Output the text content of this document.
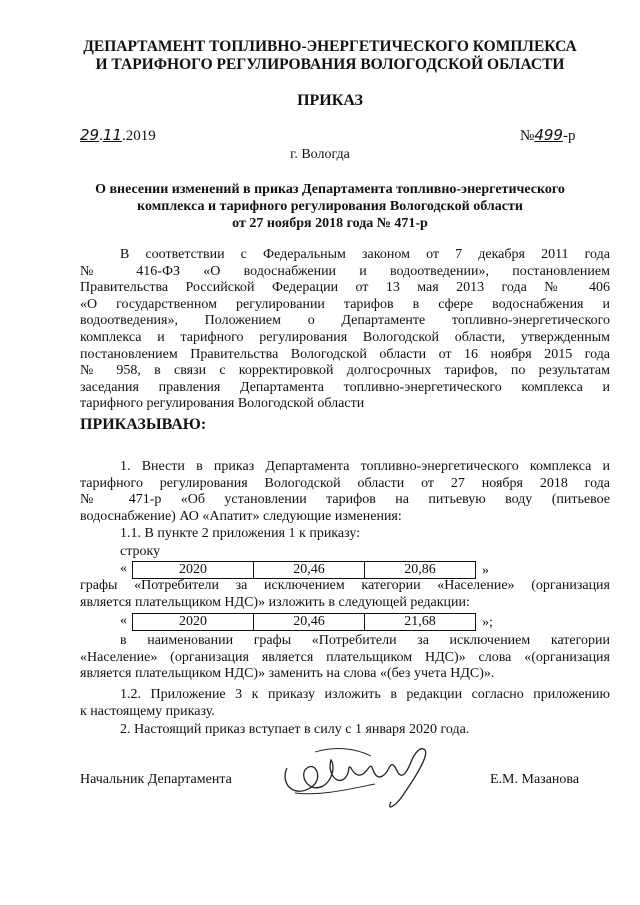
ДЕПАРТАМЕНТ ТОПЛИВНО-ЭНЕРГЕТИЧЕСКОГО КОМПЛЕКСА
И ТАРИФНОГО РЕГУЛИРОВАНИЯ ВОЛОГОДСКОЙ ОБЛАСТИ
ПРИКАЗ
29.11.2019	№499-р
г. Вологда
О внесении изменений в приказ Департамента топливно-энергетического
комплекса и тарифного регулирования Вологодской области
от 27 ноября 2018 года № 471-р
В соответствии с Федеральным законом от 7 декабря 2011 года
№ 416-ФЗ «О водоснабжении и водоотведении», постановлением
Правительства Российской Федерации от 13 мая 2013 года № 406
«О государственном регулировании тарифов в сфере водоснабжения и
водоотведения», Положением о Департаменте топливно-энергетического
комплекса и тарифного регулирования Вологодской области, утвержденным
постановлением Правительства Вологодской области от 16 ноября 2015 года
№ 958, в связи с корректировкой долгосрочных тарифов, по результатам
заседания правления Департамента топливно-энергетического комплекса и
тарифного регулирования Вологодской области
ПРИКАЗЫВАЮ:
1. Внести в приказ Департамента топливно-энергетического комплекса и
тарифного регулирования Вологодской области от 27 ноября 2018 года
№ 471-р «Об установлении тарифов на питьевую воду (питьевое
водоснабжение) АО «Апатит» следующие изменения:
1.1. В пункте 2 приложения 1 к приказу:
строку
«	2020	20,46	20,86	»
графы «Потребители за исключением категории «Население» (организация
является плательщиком НДС)» изложить в следующей редакции:
«	2020	20,46	21,68	»;
в наименовании графы «Потребители за исключением категории
«Население» (организация является плательщиком НДС)» слова «(организация
является плательщиком НДС)» заменить на слова «(без учета НДС)».
1.2. Приложение 3 к приказу изложить в редакции согласно приложению
к настоящему приказу.
2. Настоящий приказ вступает в силу с 1 января 2020 года.
Начальник Департамента	Е.М. Мазанова
